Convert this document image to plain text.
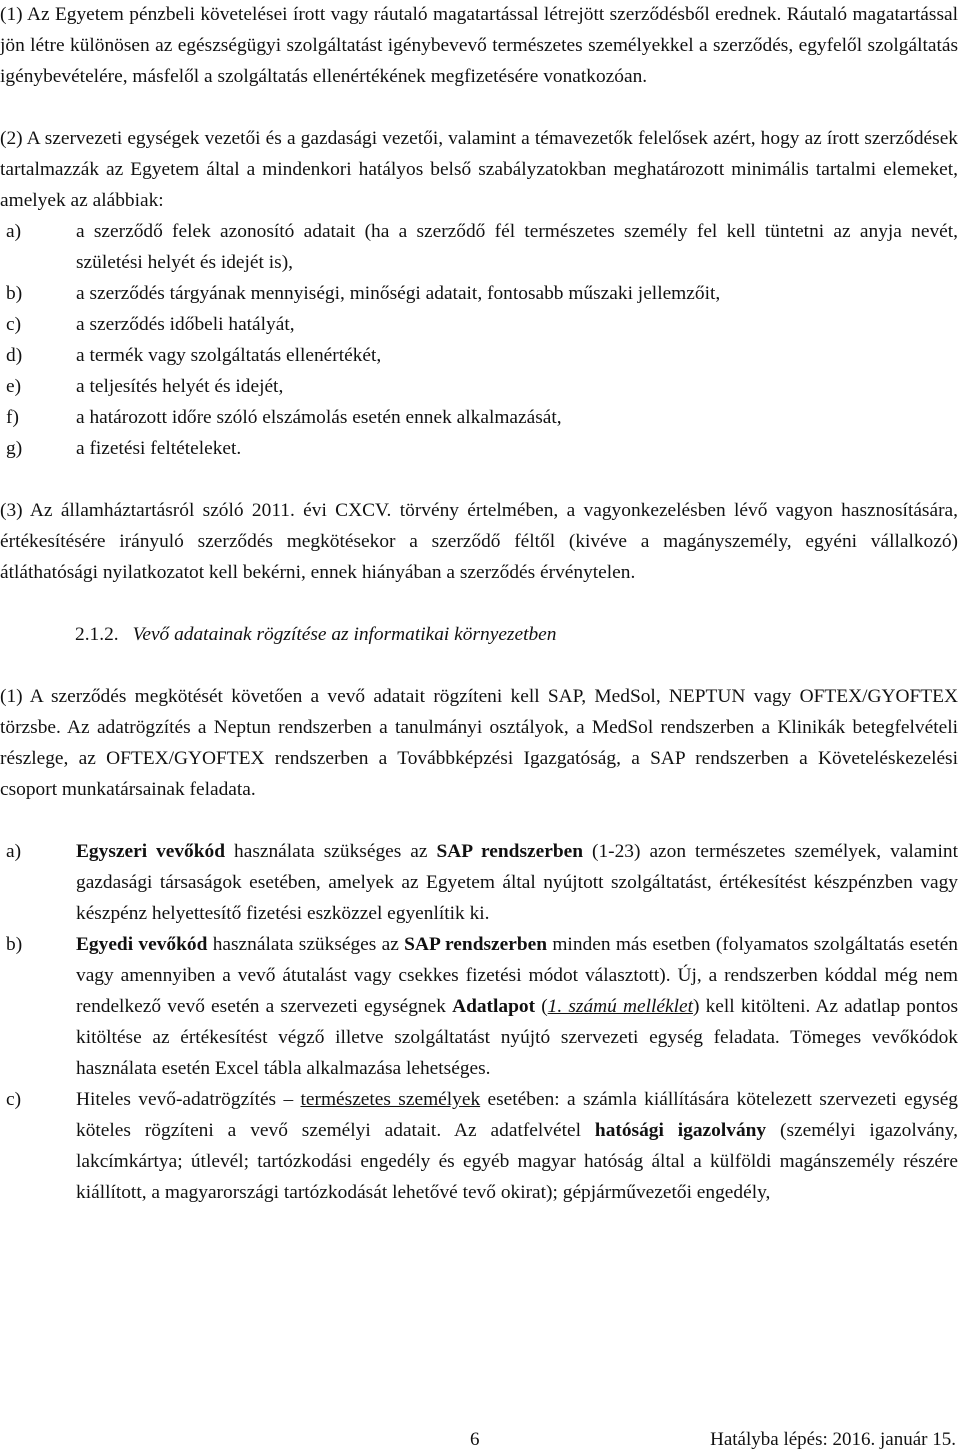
(1) Az Egyetem pénzbeli követelései írott vagy ráutaló magatartással létrejött szerződésből erednek. Ráutaló magatartással jön létre különösen az egészségügyi szolgáltatást igénybevevő természetes személyekkel a szerződés, egyfelől szolgáltatás igénybevételére, másfelől a szolgáltatás ellenértékének megfizetésére vonatkozóan.

(2) A szervezeti egységek vezetői és a gazdasági vezetői, valamint a témavezetők felelősek azért, hogy az írott szerződések tartalmazzák az Egyetem által a mindenkori hatályos belső szabályzatokban meghatározott minimális tartalmi elemeket, amelyek az alábbiak:

a)	a szerződő felek azonosító adatait (ha a szerződő fél természetes személy fel kell tüntetni az anyja nevét, születési helyét és idejét is),
b)	a szerződés tárgyának mennyiségi, minőségi adatait, fontosabb műszaki jellemzőit,
c)	a szerződés időbeli hatályát,
d)	a termék vagy szolgáltatás ellenértékét,
e)	a teljesítés helyét és idejét,
f)	a határozott időre szóló elszámolás esetén ennek alkalmazását,
g)	a fizetési feltételeket.

(3) Az államháztartásról szóló 2011. évi CXCV. törvény értelmében, a vagyonkezelésben lévő vagyon hasznosítására, értékesítésére irányuló szerződés megkötésekor a szerződő féltől (kivéve a magányszemély, egyéni vállalkozó) átláthatósági nyilatkozatot kell bekérni, ennek hiányában a szerződés érvénytelen.

2.1.2. Vevő adatainak rögzítése az informatikai környezetben

(1) A szerződés megkötését követően a vevő adatait rögzíteni kell SAP, MedSol, NEPTUN vagy OFTEX/GYOFTEX törzsbe. Az adatrögzítés a Neptun rendszerben a tanulmányi osztályok, a MedSol rendszerben a Klinikák betegfelvételi részlege, az OFTEX/GYOFTEX rendszerben a Továbbképzési Igazgatóság, a SAP rendszerben a Követeléskezelési csoport munkatársainak feladata.

a)	Egyszeri vevőkód használata szükséges az SAP rendszerben (1-23) azon természetes személyek, valamint gazdasági társaságok esetében, amelyek az Egyetem által nyújtott szolgáltatást, értékesítést készpénzben vagy készpénz helyettesítő fizetési eszközzel egyenlítik ki.
b)	Egyedi vevőkód használata szükséges az SAP rendszerben minden más esetben (folyamatos szolgáltatás esetén vagy amennyiben a vevő átutalást vagy csekkes fizetési módot választott). Új, a rendszerben kóddal még nem rendelkező vevő esetén a szervezeti egységnek Adatlapot (1. számú melléklet) kell kitölteni. Az adatlap pontos kitöltése az értékesítést végző illetve szolgáltatást nyújtó szervezeti egység feladata. Tömeges vevőkódok használata esetén Excel tábla alkalmazása lehetséges.
c)	Hiteles vevő-adatrögzítés – természetes személyek esetében: a számla kiállítására kötelezett szervezeti egység köteles rögzíteni a vevő személyi adatait. Az adatfelvétel hatósági igazolvány (személyi igazolvány, lakcímkártya; útlevél; tartózkodási engedély és egyéb magyar hatóság által a külföldi magánszemély részére kiállított, a magyarországi tartózkodását lehetővé tevő okirat); gépjárművezetői engedély,
6	Hatályba lépés: 2016. január 15.
